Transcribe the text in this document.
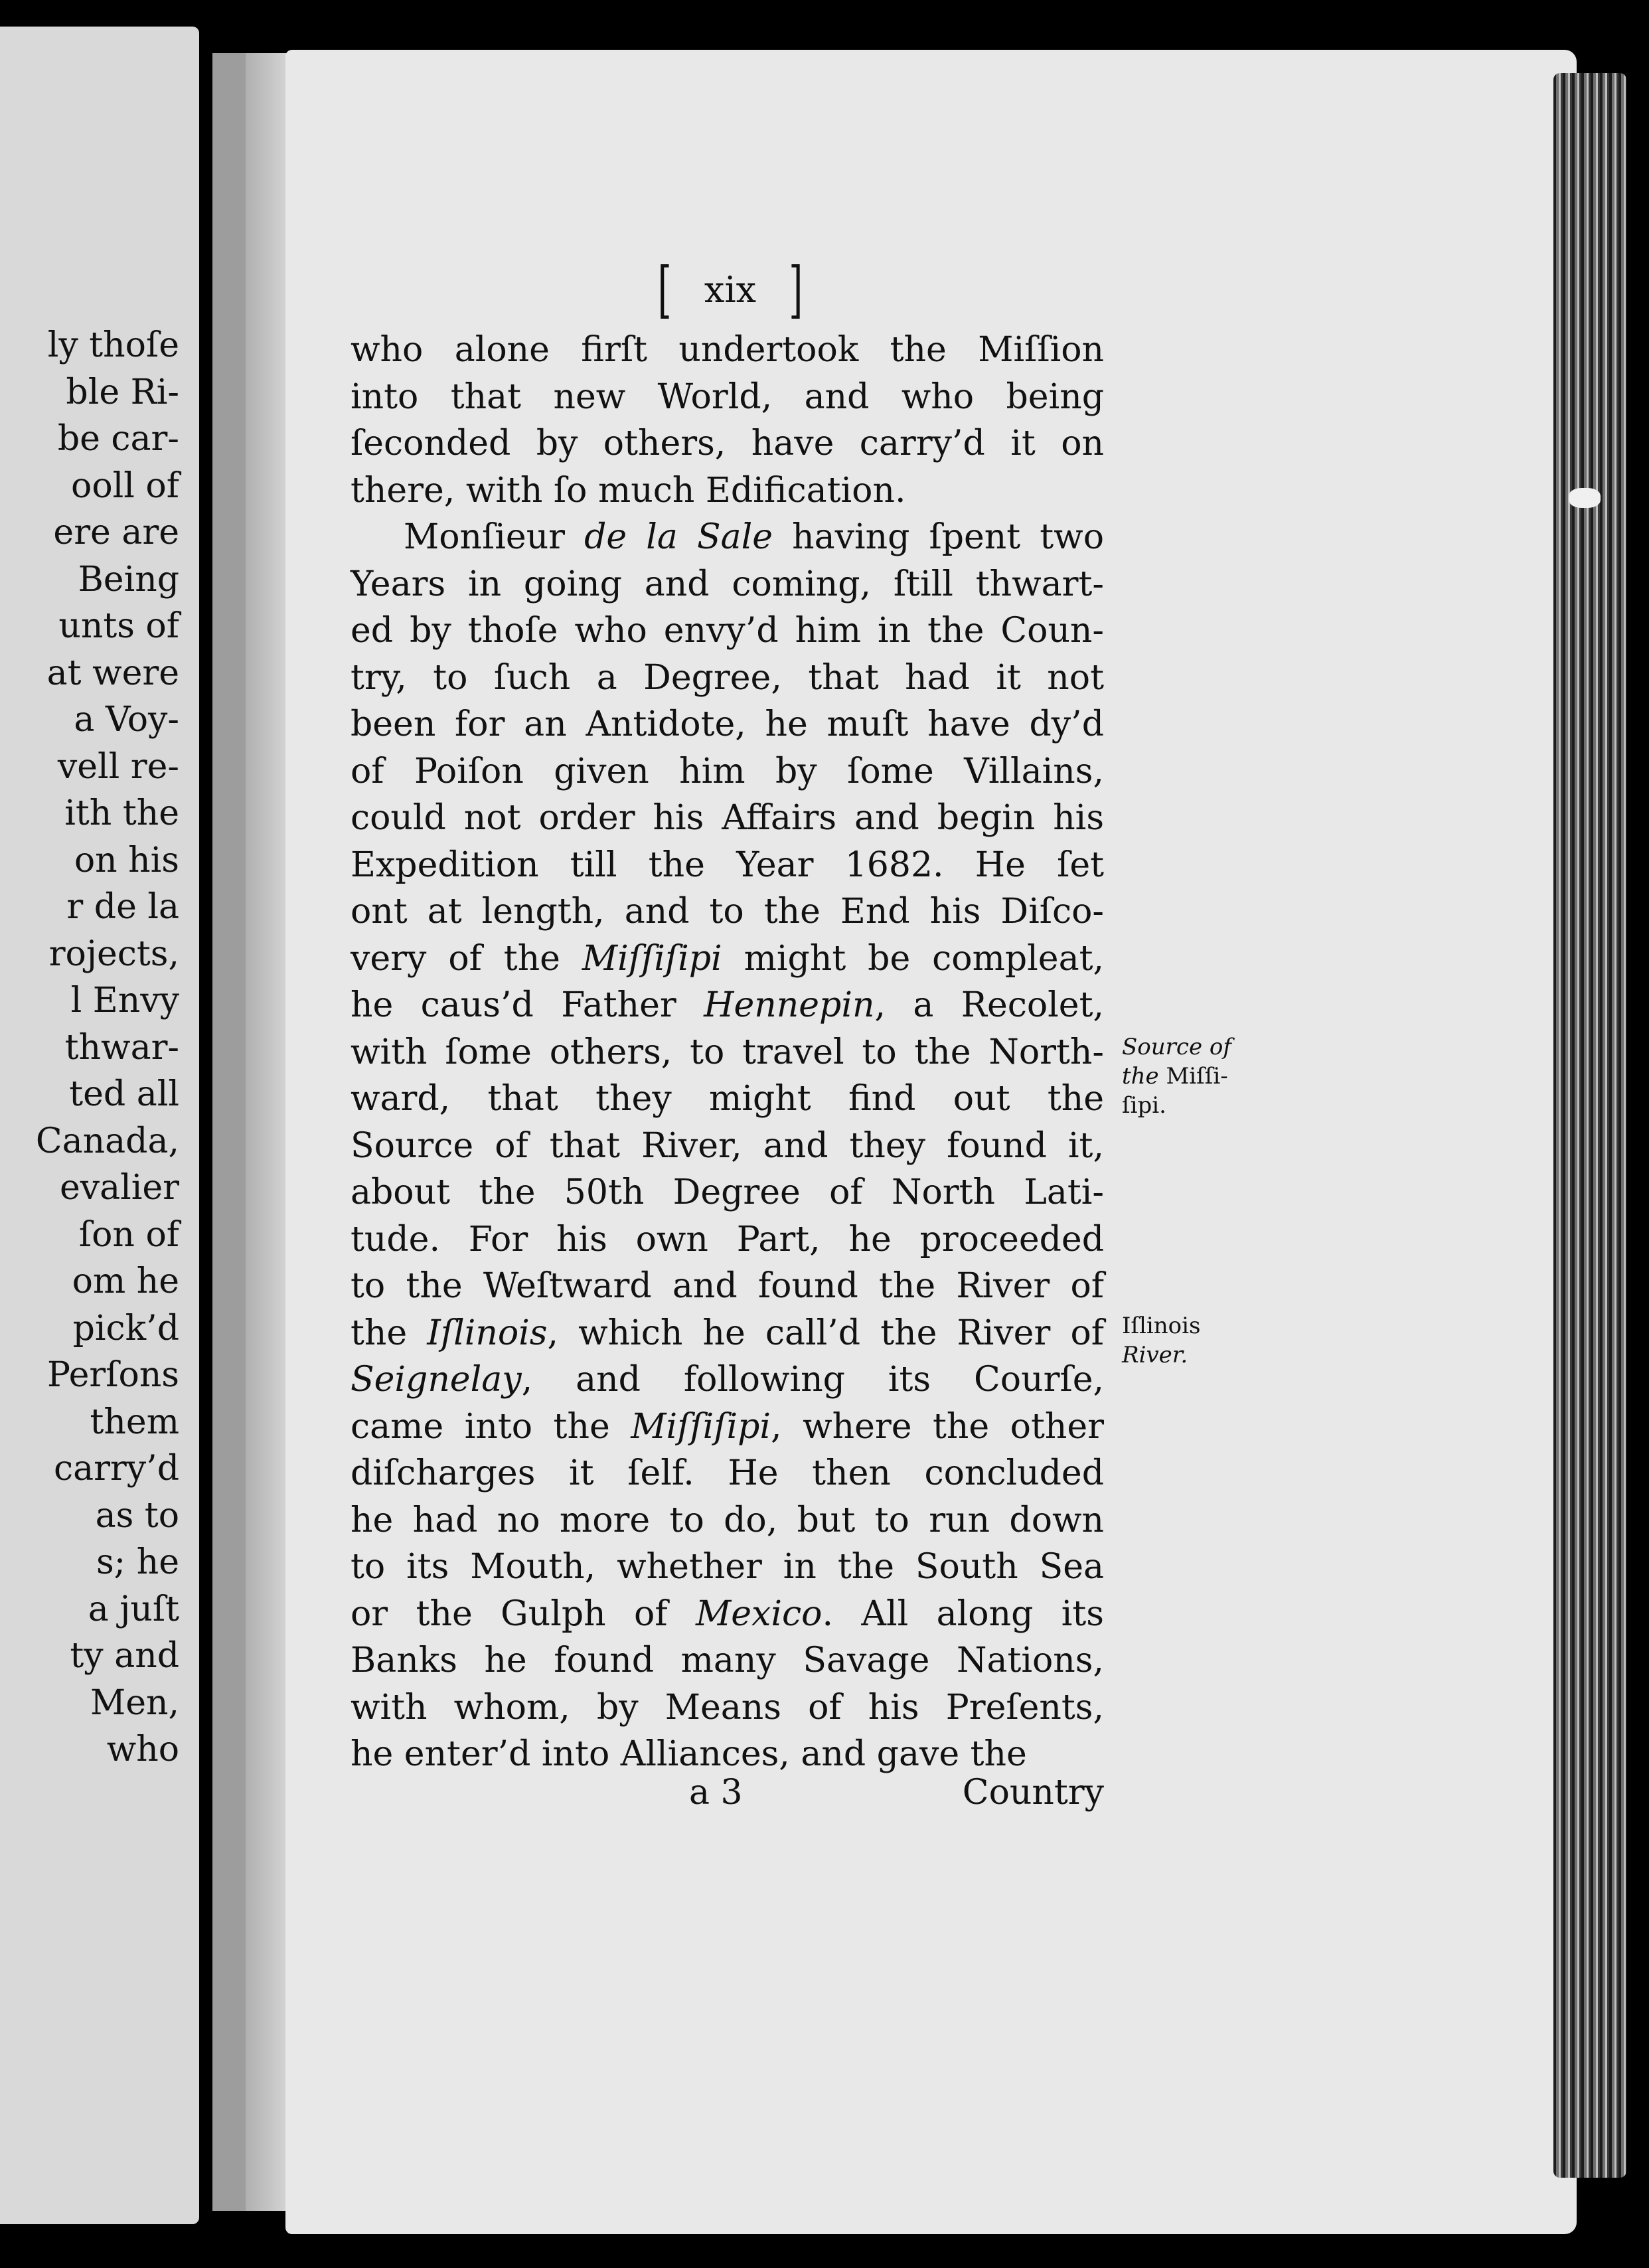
ly thoſe
ble Ri-
be car-
ooll of
ere are
Being
unts of
at were
a Voy-
vell re-
ith the
on his
r de la
rojects,
l Envy
thwar-
ted all
Canada,
evalier
ſon of
om he
pick’d
Perſons
them
carry’d
as to
s; he
a juſt
ty and
Men,
who
[ xix ]
who alone firſt undertook the Miſſion
into that new World, and who being
ſeconded by others, have carry’d it on
there, with ſo much Edification.
Monſieur de la Sale having ſpent two
Years in going and coming, ſtill thwart-
ed by thoſe who envy’d him in the Coun-
try, to ſuch a Degree, that had it not
been for an Antidote, he muſt have dy’d
of Poiſon given him by ſome Villains,
could not order his Affairs and begin his
Expedition till the Year 1682. He ſet
ont at length, and to the End his Diſco-
very of the Miſſiſipi might be compleat,
he caus’d Father Hennepin, a Recolet,
with ſome others, to travel to the North-
ward, that they might find out the
Source of that River, and they found it,
about the 50th Degree of North Lati-
tude. For his own Part, he proceeded
to the Weſtward and found the River of
the Iſlinois, which he call’d the River of
Seignelay, and following its Courſe,
came into the Miſſiſipi, where the other
diſcharges it ſelf. He then concluded
he had no more to do, but to run down
to its Mouth, whether in the South Sea
or the Gulph of Mexico. All along its
Banks he found many Savage Nations,
with whom, by Means of his Preſents,
he enter’d into Alliances, and gave the
Source of
the Miſſi-
ſipi.
Iſlinois
River.
a 3	Country
